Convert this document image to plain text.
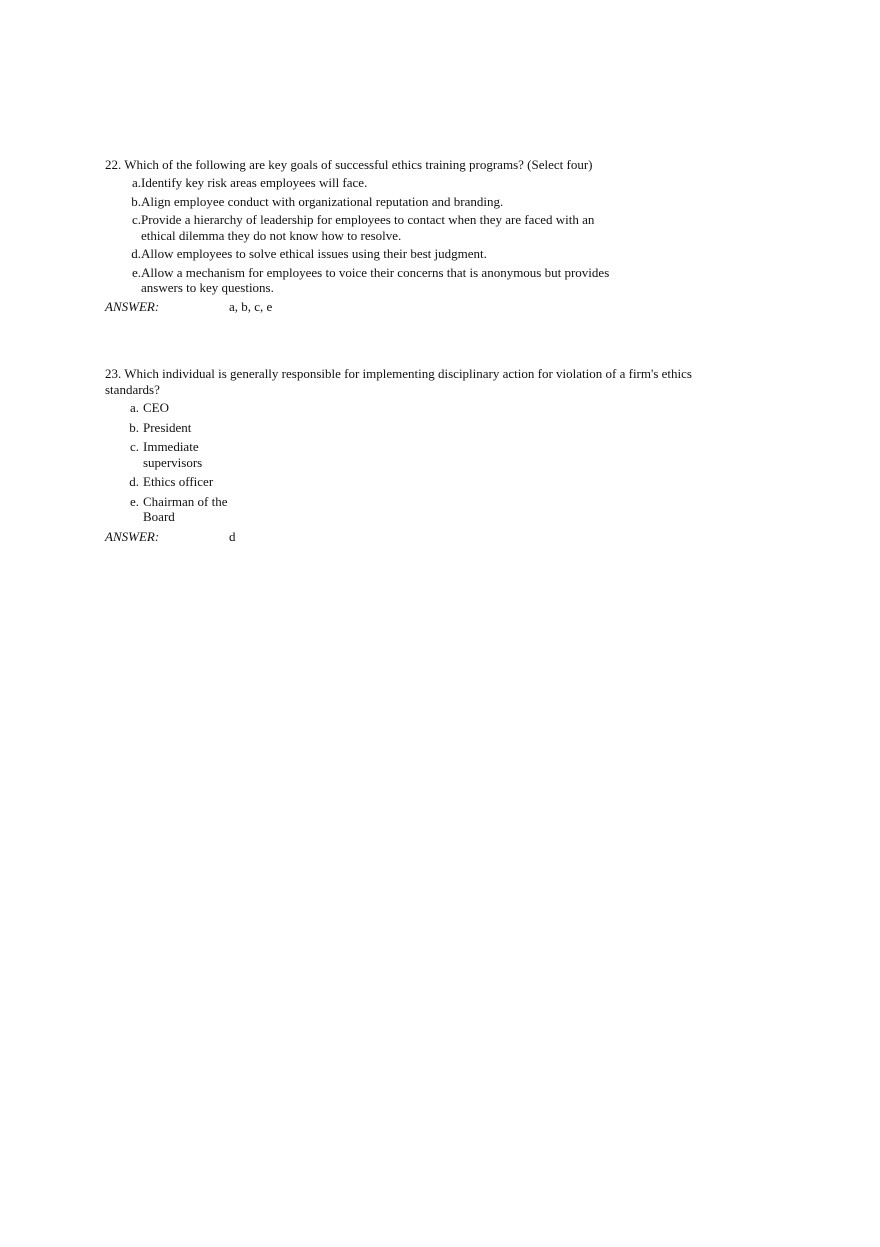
22. Which of the following are key goals of successful ethics training programs? (Select four)

a. Identify key risk areas employees will face.
b. Align employee conduct with organizational reputation and branding.
c. Provide a hierarchy of leadership for employees to contact when they are faced with an ethical dilemma they do not know how to resolve.
d. Allow employees to solve ethical issues using their best judgment.
e. Allow a mechanism for employees to voice their concerns that is anonymous but provides answers to key questions.
ANSWER:	a, b, c, e

23. Which individual is generally responsible for implementing disciplinary action for violation of a firm's ethics standards?

a. CEO
b. President
c. Immediate supervisors
d. Ethics officer
e. Chairman of the Board
ANSWER:	d
